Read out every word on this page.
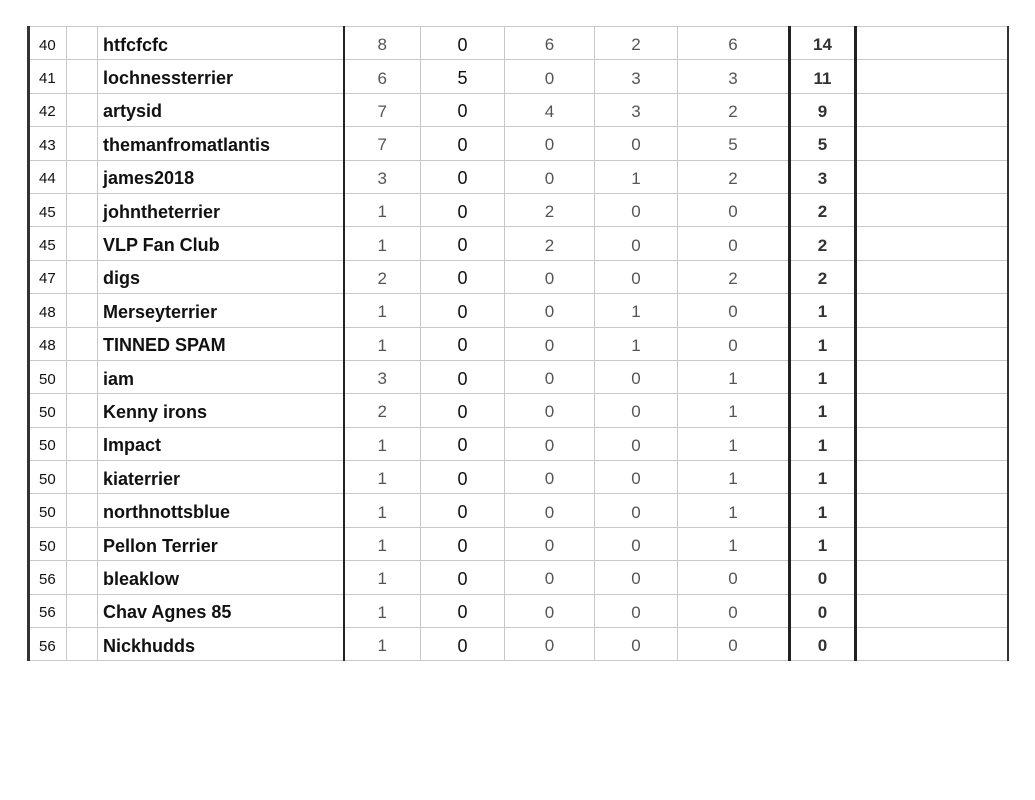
40		htfcfcfc	8	0	6	2	6	14	
41		lochnessterrier	6	5	0	3	3	11	
42		artysid	7	0	4	3	2	9	
43		themanfromatlantis	7	0	0	0	5	5	
44		james2018	3	0	0	1	2	3	
45		johntheterrier	1	0	2	0	0	2	
45		VLP Fan Club	1	0	2	0	0	2	
47		digs	2	0	0	0	2	2	
48		Merseyterrier	1	0	0	1	0	1	
48		TINNED SPAM	1	0	0	1	0	1	
50		iam	3	0	0	0	1	1	
50		Kenny irons	2	0	0	0	1	1	
50		Impact	1	0	0	0	1	1	
50		kiaterrier	1	0	0	0	1	1	
50		northnottsblue	1	0	0	0	1	1	
50		Pellon Terrier	1	0	0	0	1	1	
56		bleaklow	1	0	0	0	0	0	
56		Chav Agnes 85	1	0	0	0	0	0	
56		Nickhudds	1	0	0	0	0	0	
